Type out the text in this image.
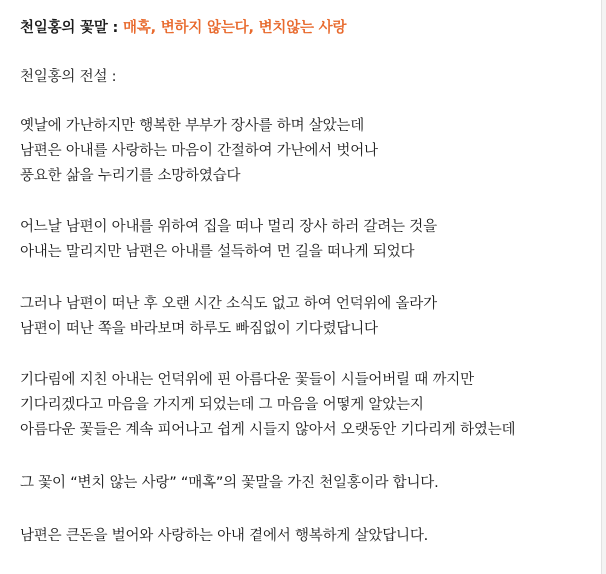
천일홍의 꽃말 : 매혹, 변하지 않는다, 변치않는 사랑
천일홍의 전설 :
옛날에 가난하지만 행복한 부부가 장사를 하며 살았는데
남편은 아내를 사랑하는 마음이 간절하여 가난에서 벗어나
풍요한 삶을 누리기를 소망하였습다
어느날 남편이 아내를 위하여 집을 떠나 멀리 장사 하러 갈려는 것을
아내는 말리지만 남편은 아내를 설득하여 먼 길을 떠나게 되었다
그러나 남편이 떠난 후 오랜 시간 소식도 없고 하여 언덕위에 올라가
남편이 떠난 쪽을 바라보며 하루도 빠짐없이 기다렸답니다
기다림에 지친 아내는 언덕위에 핀 아름다운 꽃들이 시들어버릴 때 까지만
기다리겠다고 마음을 가지게 되었는데 그 마음을 어떻게 알았는지
아름다운 꽃들은 계속 피어나고 쉽게 시들지 않아서 오랫동안 기다리게 하였는데
그 꽃이 “변치 않는 사랑” “매혹”의 꽃말을 가진 천일홍이라 합니다.
남편은 큰돈을 벌어와 사랑하는 아내 곁에서 행복하게 살았답니다.
